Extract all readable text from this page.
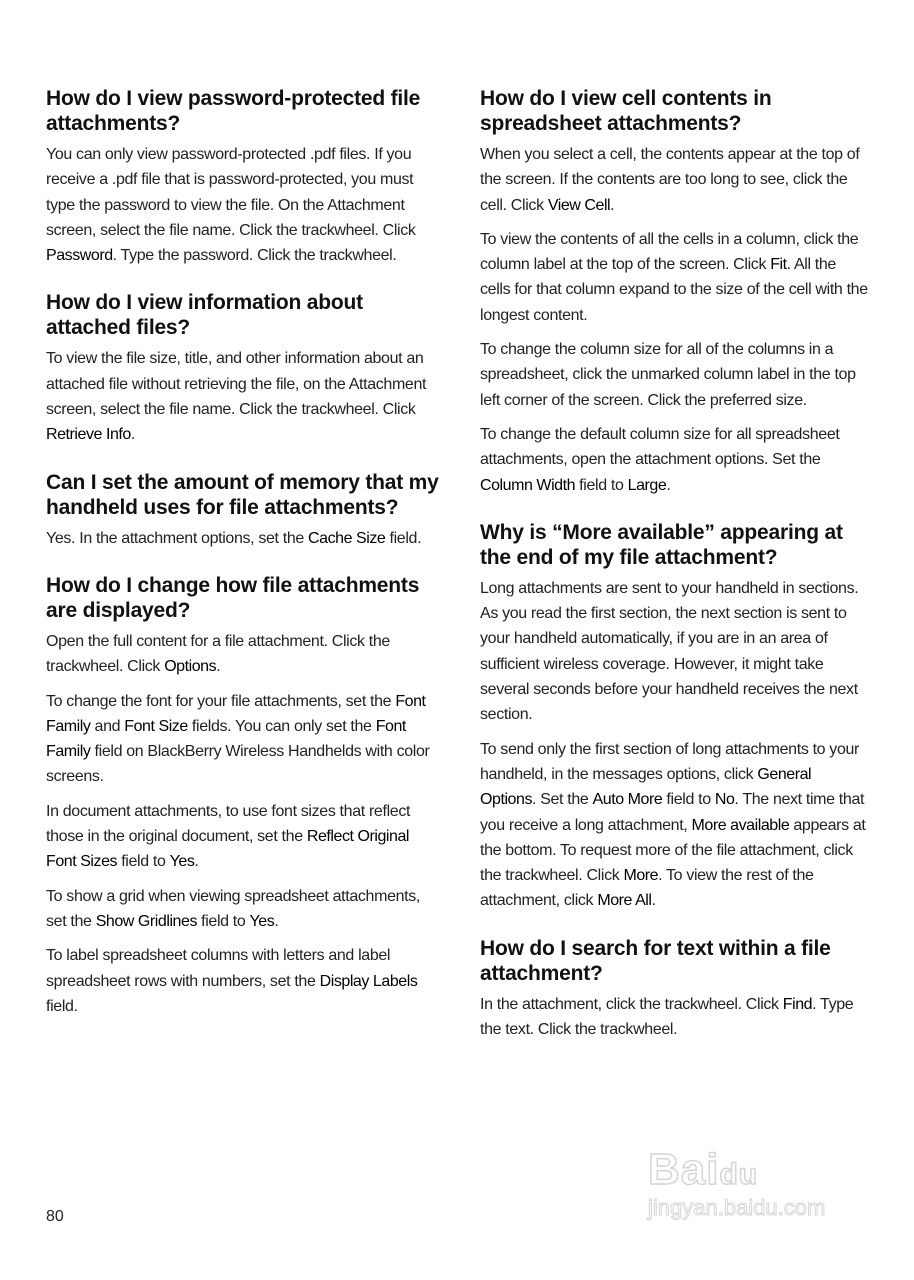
How do I view password-protected file attachments?

You can only view password-protected .pdf files. If you receive a .pdf file that is password-protected, you must type the password to view the file. On the Attachment screen, select the file name. Click the trackwheel. Click Password. Type the password. Click the trackwheel.

How do I view information about attached files?

To view the file size, title, and other information about an attached file without retrieving the file, on the Attachment screen, select the file name. Click the trackwheel. Click Retrieve Info.

Can I set the amount of memory that my handheld uses for file attachments?

Yes. In the attachment options, set the Cache Size field.

How do I change how file attachments are displayed?

Open the full content for a file attachment. Click the trackwheel. Click Options.

To change the font for your file attachments, set the Font Family and Font Size fields. You can only set the Font Family field on BlackBerry Wireless Handhelds with color screens.

In document attachments, to use font sizes that reflect those in the original document, set the Reflect Original Font Sizes field to Yes.

To show a grid when viewing spreadsheet attachments, set the Show Gridlines field to Yes.

To label spreadsheet columns with letters and label spreadsheet rows with numbers, set the Display Labels field.

How do I view cell contents in spreadsheet attachments?

When you select a cell, the contents appear at the top of the screen. If the contents are too long to see, click the cell. Click View Cell.

To view the contents of all the cells in a column, click the column label at the top of the screen. Click Fit. All the cells for that column expand to the size of the cell with the longest content.

To change the column size for all of the columns in a spreadsheet, click the unmarked column label in the top left corner of the screen. Click the preferred size.

To change the default column size for all spreadsheet attachments, open the attachment options. Set the Column Width field to Large.

Why is “More available” appearing at the end of my file attachment?

Long attachments are sent to your handheld in sections. As you read the first section, the next section is sent to your handheld automatically, if you are in an area of sufficient wireless coverage. However, it might take several seconds before your handheld receives the next section.

To send only the first section of long attachments to your handheld, in the messages options, click General Options. Set the Auto More field to No. The next time that you receive a long attachment, More available appears at the bottom. To request more of the file attachment, click the trackwheel. Click More. To view the rest of the attachment, click More All.

How do I search for text within a file attachment?

In the attachment, click the trackwheel. Click Find. Type the text. Click the trackwheel.

80
Baidu
jingyan.baidu.com
